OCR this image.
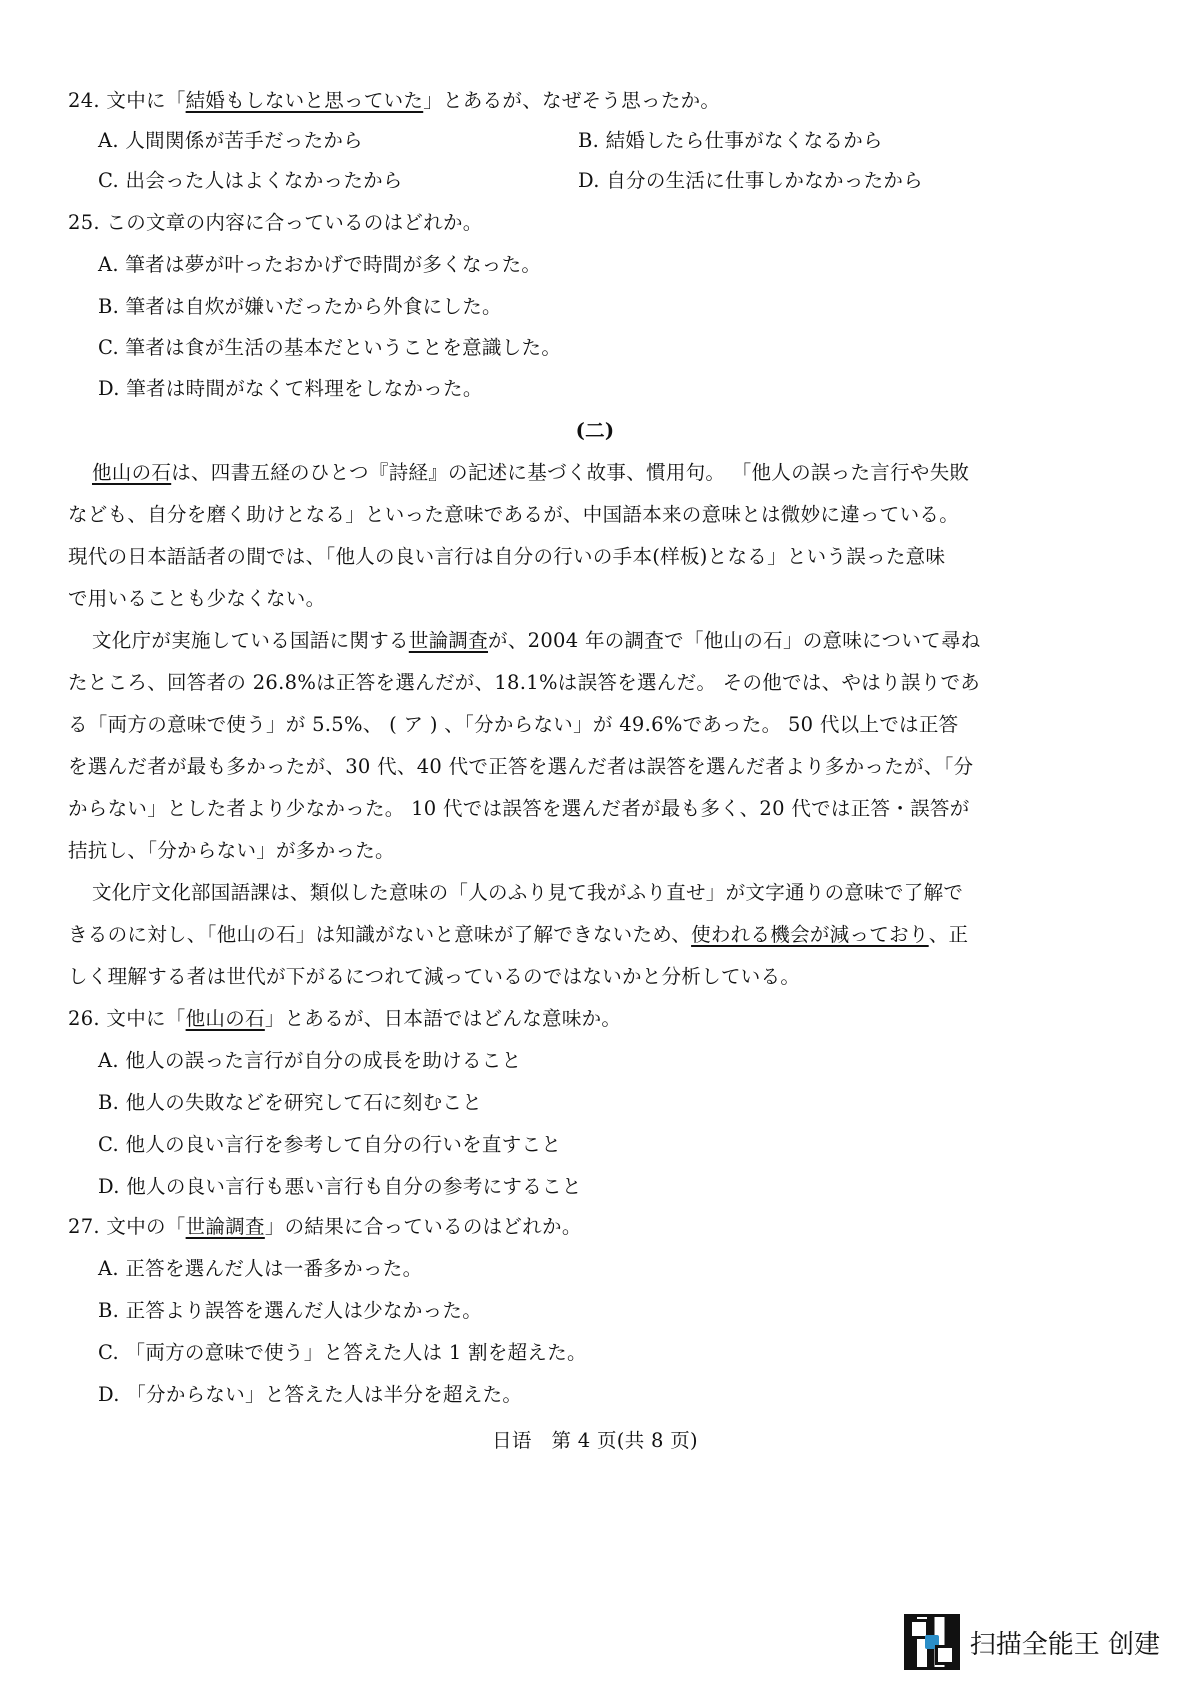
24. 文中に「結婚もしないと思っていた」とあるが、なぜそう思ったか。
A. 人間関係が苦手だったから	B. 結婚したら仕事がなくなるから
C. 出会った人はよくなかったから	D. 自分の生活に仕事しかなかったから
25. この文章の内容に合っているのはどれか。
A. 筆者は夢が叶ったおかげで時間が多くなった。
B. 筆者は自炊が嫌いだったから外食にした。
C. 筆者は食が生活の基本だということを意識した。
D. 筆者は時間がなくて料理をしなかった。
(二)
他山の石は、四書五経のひとつ『詩経』の記述に基づく故事、慣用句。 「他人の誤った言行や失敗
なども、自分を磨く助けとなる」といった意味であるが、中国語本来の意味とは微妙に違っている。
現代の日本語話者の間では、「他人の良い言行は自分の行いの手本(样板)となる」という誤った意味
で用いることも少なくない。
文化庁が実施している国語に関する世論調査が、2004 年の調査で「他山の石」の意味について尋ね
たところ、回答者の 26.8%は正答を選んだが、18.1%は誤答を選んだ。 その他では、やはり誤りであ
る「両方の意味で使う」が 5.5%、 ( ア ) 、「分からない」が 49.6%であった。 50 代以上では正答
を選んだ者が最も多かったが、30 代、40 代で正答を選んだ者は誤答を選んだ者より多かったが、「分
からない」とした者より少なかった。 10 代では誤答を選んだ者が最も多く、20 代では正答・誤答が
拮抗し、「分からない」が多かった。
文化庁文化部国語課は、類似した意味の「人のふり見て我がふり直せ」が文字通りの意味で了解で
きるのに対し、「他山の石」は知識がないと意味が了解できないため、使われる機会が減っており、正
しく理解する者は世代が下がるにつれて減っているのではないかと分析している。
26. 文中に「他山の石」とあるが、日本語ではどんな意味か。
A. 他人の誤った言行が自分の成長を助けること
B. 他人の失敗などを研究して石に刻むこと
C. 他人の良い言行を参考して自分の行いを直すこと
D. 他人の良い言行も悪い言行も自分の参考にすること
27. 文中の「世論調査」の結果に合っているのはどれか。
A. 正答を選んだ人は一番多かった。
B. 正答より誤答を選んだ人は少なかった。
C. 「両方の意味で使う」と答えた人は 1 割を超えた。
D. 「分からない」と答えた人は半分を超えた。
日语　第 4 页(共 8 页)
扫描全能王 创建
